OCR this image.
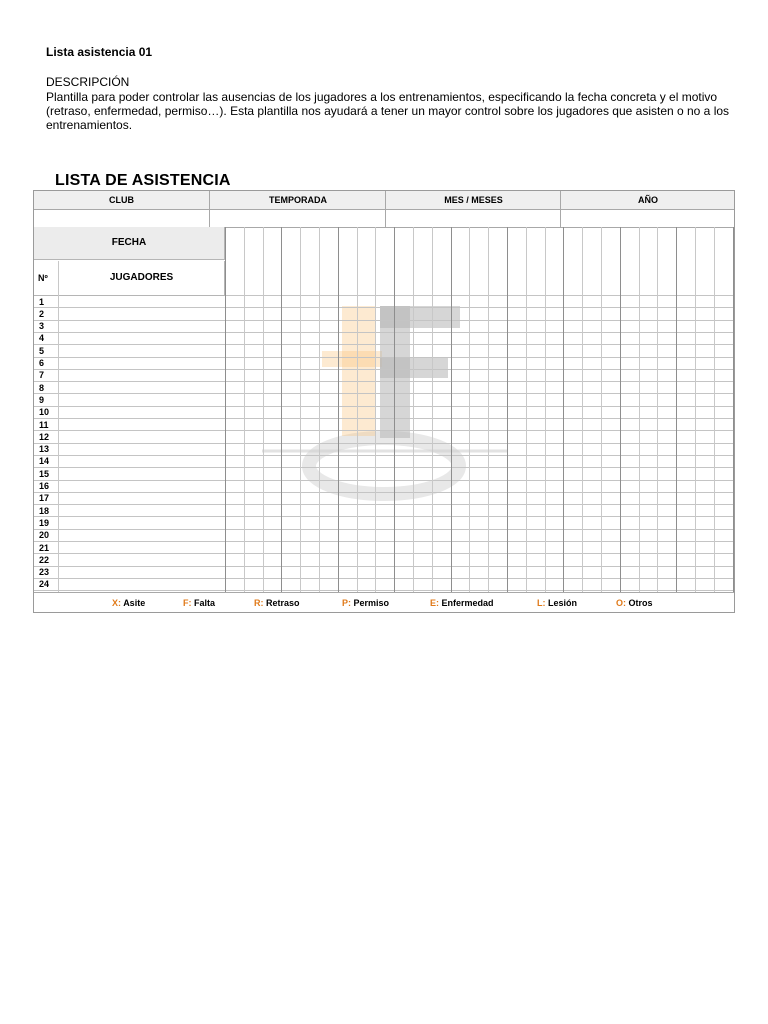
Lista asistencia 01
DESCRIPCIÓN
Plantilla para poder controlar las ausencias de los jugadores a los entrenamientos, especificando la fecha concreta y el motivo (retraso, enfermedad, permiso…). Esta plantilla nos ayudará a tener un mayor control sobre los jugadores que asisten o no a los entrenamientos.
LISTA DE ASISTENCIA
CLUB	TEMPORADA	MES / MESES	AÑO
FECHA
Nº	JUGADORES
1
2
3
4
5
6
7
8
9
10
11
12
13
14
15
16
17
18
19
20
21
22
23
24
X: Asite	F: Falta	R: Retraso	P: Permiso	E: Enfermedad	L: Lesión	O: Otros
